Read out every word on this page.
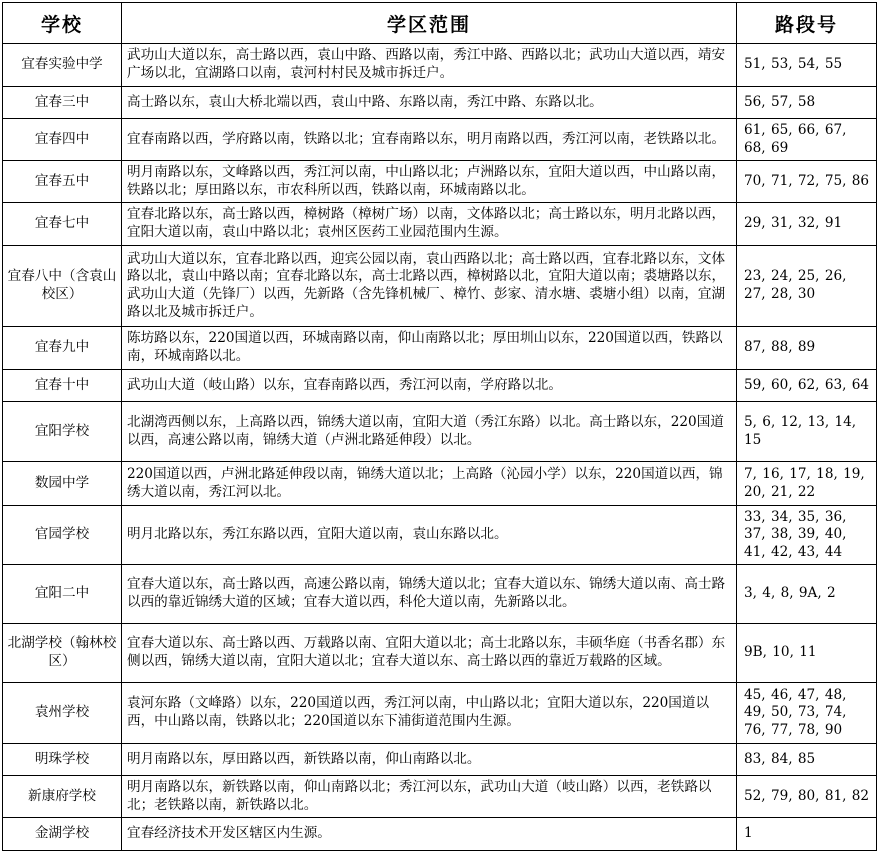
学校	学区范围	路段号
宜春实验中学	武功山大道以东，高士路以西，袁山中路、西路以南，秀江中路、西路以北；武功山大道以西，靖安广场以北，宜湖路口以南，袁河村村民及城市拆迁户。	51, 53, 54, 55
宜春三中	高士路以东，袁山大桥北端以西，袁山中路、东路以南，秀江中路、东路以北。	56, 57, 58
宜春四中	宜春南路以西，学府路以南，铁路以北；宜春南路以东，明月南路以西，秀江河以南，老铁路以北。	61, 65, 66, 67, 68, 69
宜春五中	明月南路以东，文峰路以西，秀江河以南，中山路以北；卢洲路以东，宜阳大道以西，中山路以南，铁路以北；厚田路以东，市农科所以西，铁路以南，环城南路以北。	70, 71, 72, 75, 86
宜春七中	宜春北路以东，高士路以西，樟树路（樟树广场）以南，文体路以北；高士路以东，明月北路以西，宜阳大道以南，袁山中路以北；袁州区医药工业园范围内生源。	29, 31, 32, 91
宜春八中（含袁山校区）	武功山大道以东，宜春北路以西，迎宾公园以南，袁山西路以北；高士路以西，宜春北路以东，文体路以北，袁山中路以南；宜春北路以东，高士北路以西，樟树路以北，宜阳大道以南；裘塘路以东，武功山大道（先锋厂）以西，先新路（含先锋机械厂、樟竹、彭家、清水塘、裘塘小组）以南，宜湖路以北及城市拆迁户。	23, 24, 25, 26, 27, 28, 30
宜春九中	陈坊路以东，220国道以西，环城南路以南，仰山南路以北；厚田圳山以东，220国道以西，铁路以南，环城南路以北。	87, 88, 89
宜春十中	武功山大道（岐山路）以东，宜春南路以西，秀江河以南，学府路以北。	59, 60, 62, 63, 64
宜阳学校	北湖湾西侧以东，上高路以西，锦绣大道以南，宜阳大道（秀江东路）以北。高士路以东，220国道以西，高速公路以南，锦绣大道（卢洲北路延伸段）以北。	5, 6, 12, 13, 14, 15
数园中学	220国道以西，卢洲北路延伸段以南，锦绣大道以北；上高路（沁园小学）以东，220国道以西，锦绣大道以南，秀江河以北。	7, 16, 17, 18, 19, 20, 21, 22
官园学校	明月北路以东，秀江东路以西，宜阳大道以南，袁山东路以北。	33, 34, 35, 36, 37, 38, 39, 40, 41, 42, 43, 44
宜阳二中	宜春大道以东，高士路以西，高速公路以南，锦绣大道以北；宜春大道以东、锦绣大道以南、高士路以西的靠近锦绣大道的区域；宜春大道以西，科伦大道以南，先新路以北。	3, 4, 8, 9A, 2
北湖学校（翰林校区）	宜春大道以东、高士路以西、万载路以南、宜阳大道以北；高士北路以东，丰硕华庭（书香名郡）东侧以西，锦绣大道以南，宜阳大道以北；宜春大道以东、高士路以西的靠近万载路的区域。	9B, 10, 11
袁州学校	袁河东路（文峰路）以东，220国道以西，秀江河以南，中山路以北；宜阳大道以东，220国道以西，中山路以南，铁路以北；220国道以东下浦街道范围内生源。	45, 46, 47, 48, 49, 50, 73, 74, 76, 77, 78, 90
明珠学校	明月南路以东，厚田路以西，新铁路以南，仰山南路以北。	83, 84, 85
新康府学校	明月南路以东，新铁路以南，仰山南路以北；秀江河以东，武功山大道（岐山路）以西，老铁路以北；老铁路以南，新铁路以北。	52, 79, 80, 81, 82
金湖学校	宜春经济技术开发区辖区内生源。	1
